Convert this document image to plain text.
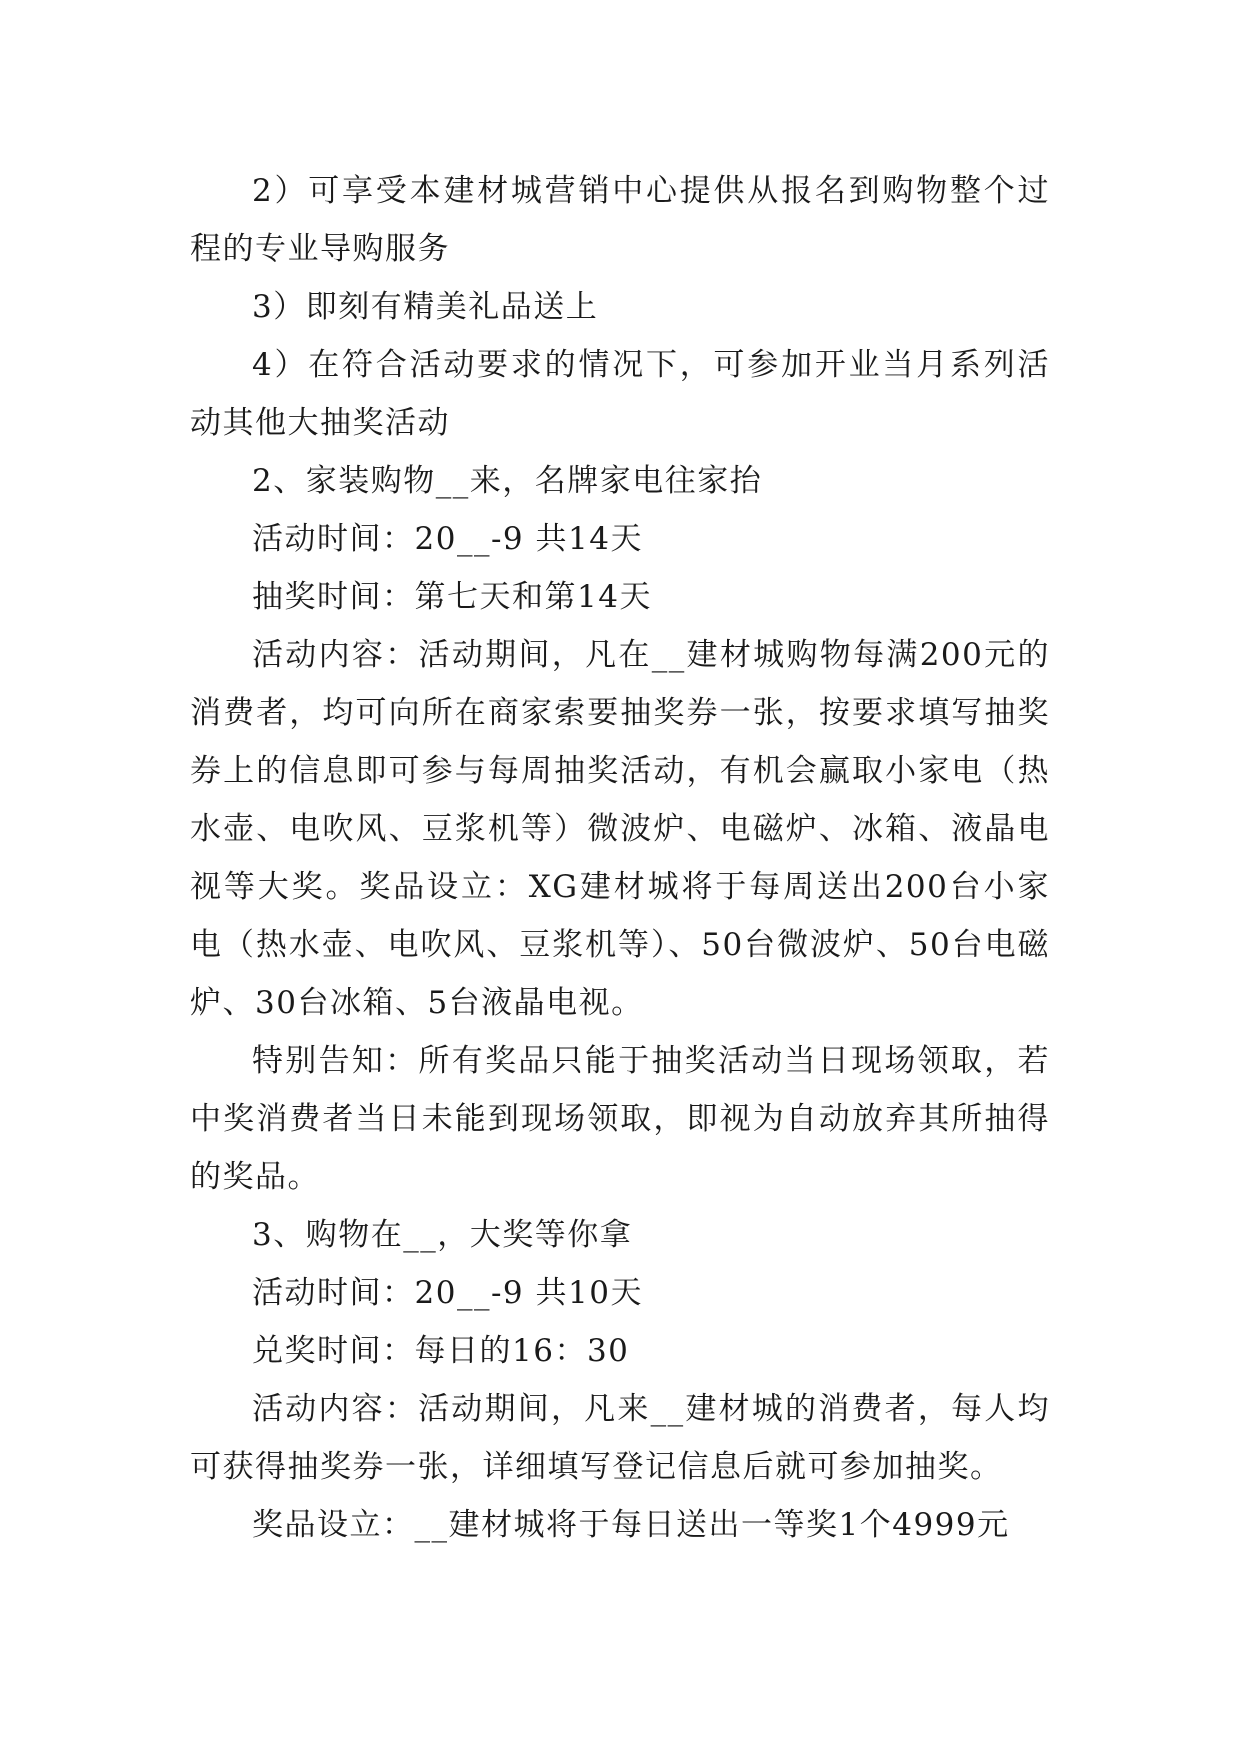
2）可享受本建材城营销中心提供从报名到购物整个过程的专业导购服务

3）即刻有精美礼品送上

4）在符合活动要求的情况下，可参加开业当月系列活动其他大抽奖活动

2、家装购物__来，名牌家电往家抬

活动时间：20__-9 共14天

抽奖时间：第七天和第14天

活动内容：活动期间，凡在__建材城购物每满200元的消费者，均可向所在商家索要抽奖券一张，按要求填写抽奖券上的信息即可参与每周抽奖活动，有机会赢取小家电（热水壶、电吹风、豆浆机等）微波炉、电磁炉、冰箱、液晶电视等大奖。奖品设立：XG建材城将于每周送出200台小家电（热水壶、电吹风、豆浆机等）、50台微波炉、50台电磁炉、30台冰箱、5台液晶电视。

特别告知：所有奖品只能于抽奖活动当日现场领取，若中奖消费者当日未能到现场领取，即视为自动放弃其所抽得的奖品。

3、购物在__，大奖等你拿

活动时间：20__-9 共10天

兑奖时间：每日的16：30

活动内容：活动期间，凡来__建材城的消费者，每人均可获得抽奖券一张，详细填写登记信息后就可参加抽奖。

奖品设立：__建材城将于每日送出一等奖1个4999元
